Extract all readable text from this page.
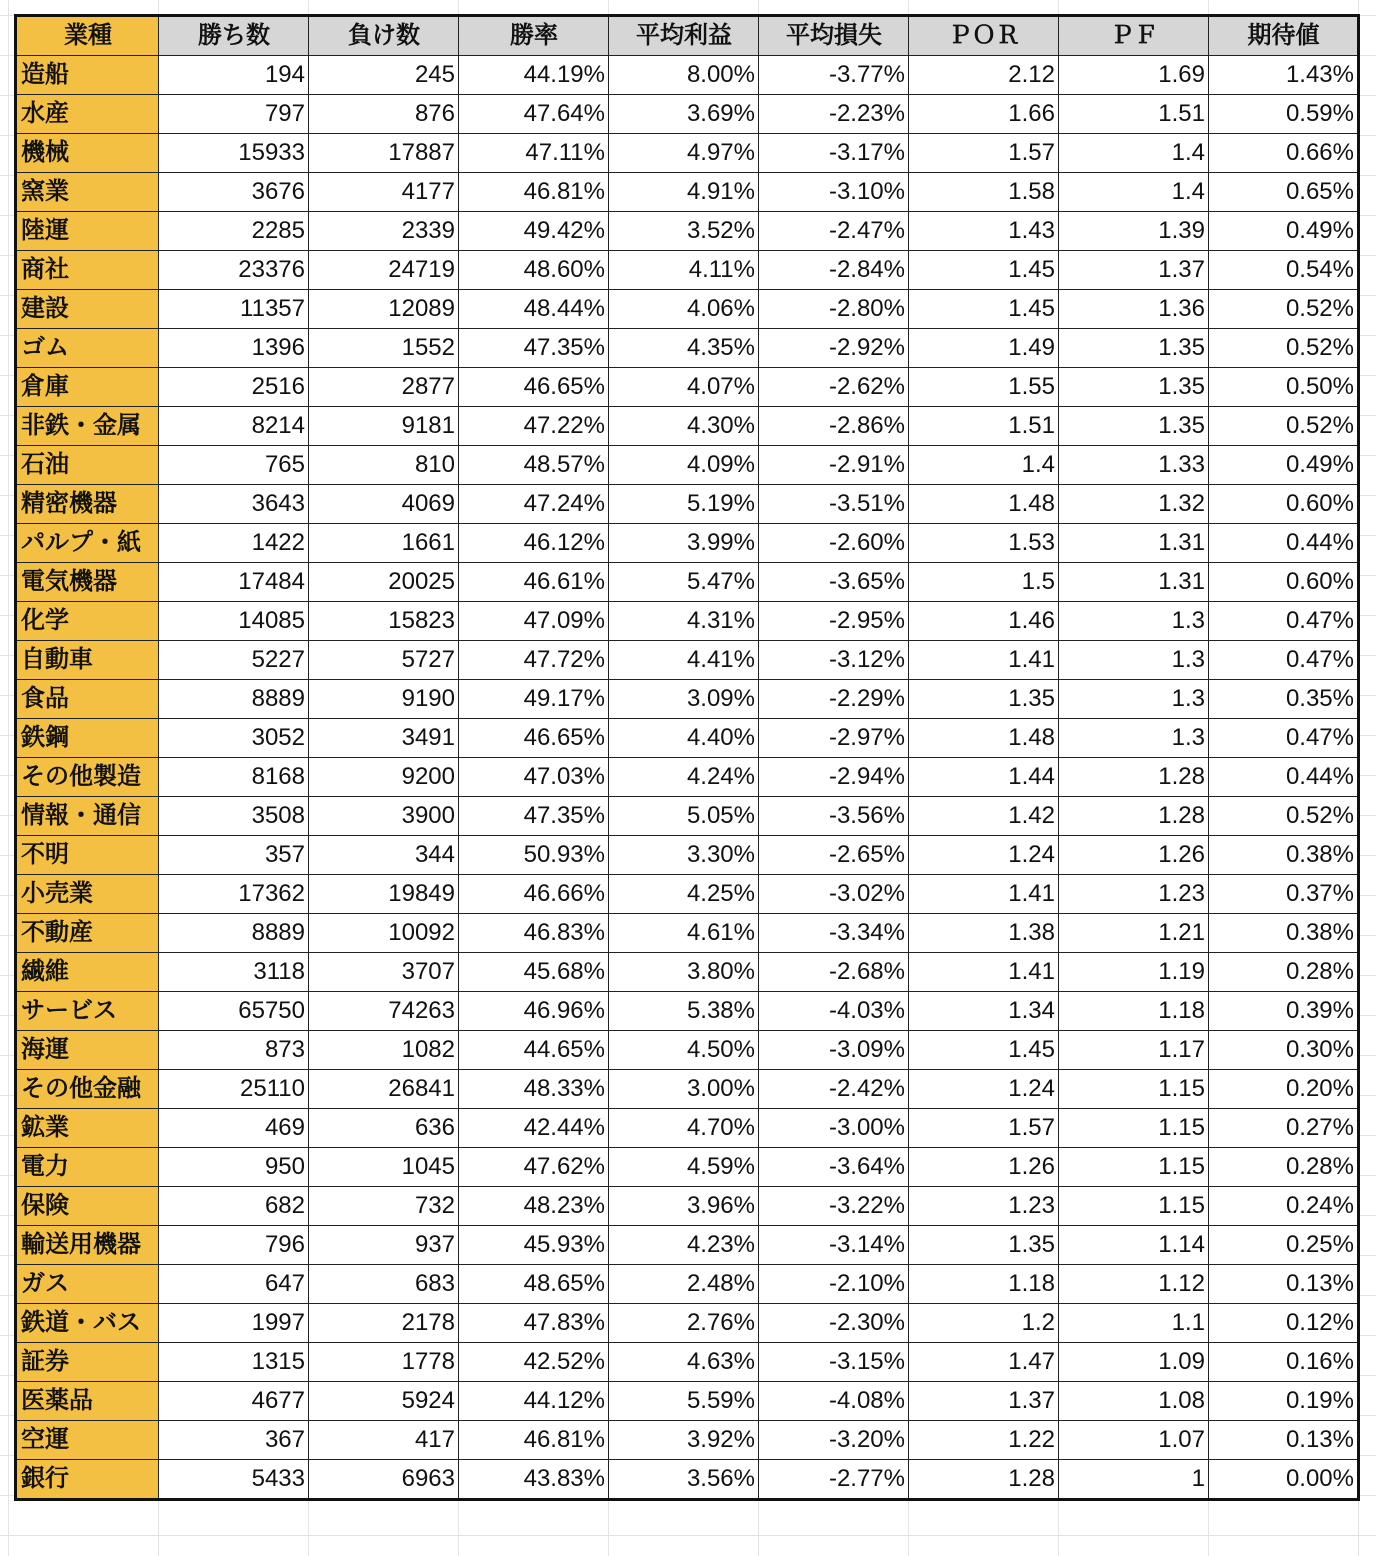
業種	勝ち数	負け数	勝率	平均利益	平均損失	ＰＯＲ	ＰＦ	期待値
造船	194	245	44.19%	8.00%	-3.77%	2.12	1.69	1.43%
水産	797	876	47.64%	3.69%	-2.23%	1.66	1.51	0.59%
機械	15933	17887	47.11%	4.97%	-3.17%	1.57	1.4	0.66%
窯業	3676	4177	46.81%	4.91%	-3.10%	1.58	1.4	0.65%
陸運	2285	2339	49.42%	3.52%	-2.47%	1.43	1.39	0.49%
商社	23376	24719	48.60%	4.11%	-2.84%	1.45	1.37	0.54%
建設	11357	12089	48.44%	4.06%	-2.80%	1.45	1.36	0.52%
ゴム	1396	1552	47.35%	4.35%	-2.92%	1.49	1.35	0.52%
倉庫	2516	2877	46.65%	4.07%	-2.62%	1.55	1.35	0.50%
非鉄・金属	8214	9181	47.22%	4.30%	-2.86%	1.51	1.35	0.52%
石油	765	810	48.57%	4.09%	-2.91%	1.4	1.33	0.49%
精密機器	3643	4069	47.24%	5.19%	-3.51%	1.48	1.32	0.60%
パルプ・紙	1422	1661	46.12%	3.99%	-2.60%	1.53	1.31	0.44%
電気機器	17484	20025	46.61%	5.47%	-3.65%	1.5	1.31	0.60%
化学	14085	15823	47.09%	4.31%	-2.95%	1.46	1.3	0.47%
自動車	5227	5727	47.72%	4.41%	-3.12%	1.41	1.3	0.47%
食品	8889	9190	49.17%	3.09%	-2.29%	1.35	1.3	0.35%
鉄鋼	3052	3491	46.65%	4.40%	-2.97%	1.48	1.3	0.47%
その他製造	8168	9200	47.03%	4.24%	-2.94%	1.44	1.28	0.44%
情報・通信	3508	3900	47.35%	5.05%	-3.56%	1.42	1.28	0.52%
不明	357	344	50.93%	3.30%	-2.65%	1.24	1.26	0.38%
小売業	17362	19849	46.66%	4.25%	-3.02%	1.41	1.23	0.37%
不動産	8889	10092	46.83%	4.61%	-3.34%	1.38	1.21	0.38%
繊維	3118	3707	45.68%	3.80%	-2.68%	1.41	1.19	0.28%
サービス	65750	74263	46.96%	5.38%	-4.03%	1.34	1.18	0.39%
海運	873	1082	44.65%	4.50%	-3.09%	1.45	1.17	0.30%
その他金融	25110	26841	48.33%	3.00%	-2.42%	1.24	1.15	0.20%
鉱業	469	636	42.44%	4.70%	-3.00%	1.57	1.15	0.27%
電力	950	1045	47.62%	4.59%	-3.64%	1.26	1.15	0.28%
保険	682	732	48.23%	3.96%	-3.22%	1.23	1.15	0.24%
輸送用機器	796	937	45.93%	4.23%	-3.14%	1.35	1.14	0.25%
ガス	647	683	48.65%	2.48%	-2.10%	1.18	1.12	0.13%
鉄道・バス	1997	2178	47.83%	2.76%	-2.30%	1.2	1.1	0.12%
証券	1315	1778	42.52%	4.63%	-3.15%	1.47	1.09	0.16%
医薬品	4677	5924	44.12%	5.59%	-4.08%	1.37	1.08	0.19%
空運	367	417	46.81%	3.92%	-3.20%	1.22	1.07	0.13%
銀行	5433	6963	43.83%	3.56%	-2.77%	1.28	1	0.00%
